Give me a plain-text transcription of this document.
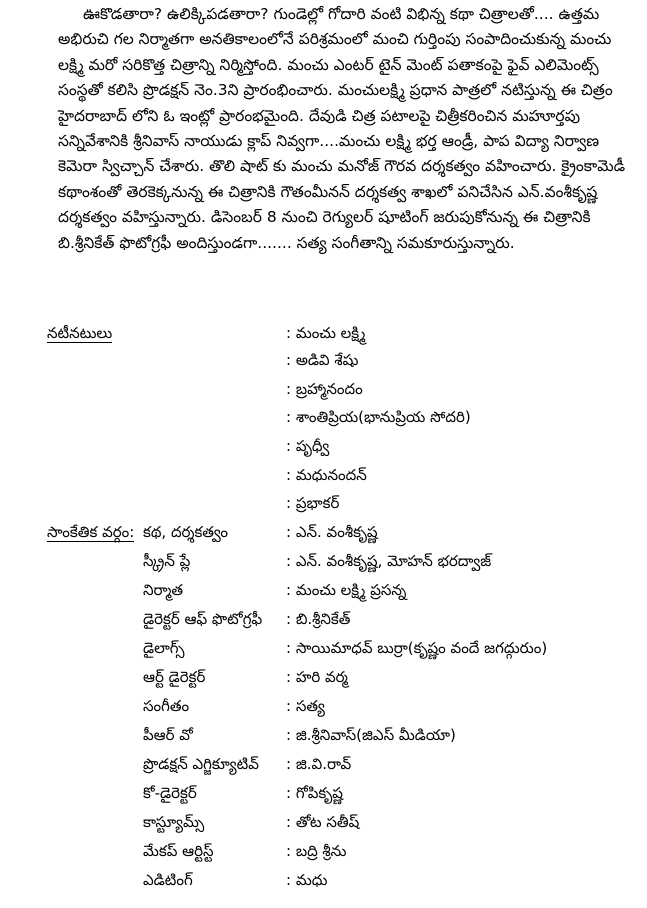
ఊకొడతారా? ఉలిక్కిపడతారా? గుండెల్లో గోదారి వంటి విభిన్న కథా చిత్రాలతో.... ఉత్తమ అభిరుచి గల నిర్మాతగా అనతికాలంలోనే పరిశ్రమంలో మంచి గుర్తింపు సంపాదించుకున్న మంచు లక్ష్మి మరో సరికొత్త చిత్రాన్ని నిర్మిస్తోంది. మంచు ఎంటర్ టైన్ మెంట్ పతాకంపై ఫైవ్ ఎలిమెంట్స్ సంస్థతో కలిసి ప్రొడక్షన్ నెం.3ని ప్రారంభించారు. మంచులక్ష్మి ప్రధాన పాత్రలో నటిస్తున్న ఈ చిత్రం హైదరాబాద్ లోని ఓ ఇంట్లో ప్రారంభమైంది. దేవుడి చిత్ర పటాలపై చిత్రీకరించిన మహూర్తపు సన్నివేశానికి శ్రీనివాస్ నాయుడు క్లాప్ నివ్వగా....మంచు లక్ష్మి భర్త ఆండ్రీ, పాప విద్యా నిర్వాణ కెమెరా స్విచ్చాన్ చేశారు. తొలి షాట్ కు మంచు మనోజ్ గౌరవ దర్శకత్వం వహించారు. క్రైంకామెడీ కథాంశంతో తెరకెక్కనున్న ఈ చిత్రానికి గౌతంమీనన్ దర్శకత్వ శాఖలో పనిచేసిన ఎన్.వంశీకృష్ణ దర్శకత్వం వహిస్తున్నారు. డిసెంబర్ 8 నుంచి రెగ్యులర్ షూటింగ్ జరుపుకోనున్న ఈ చిత్రానికి బి.శ్రీనికేత్ ఫొటోగ్రఫీ అందిస్తుండగా....... సత్య సంగీతాన్ని సమకూరుస్తున్నారు.

నటీనటులు	: మంచు లక్ష్మి
: అడివి శేషు
: బ్రహ్మానందం
: శాంతిప్రియ(భానుప్రియ సోదరి)
: పృధ్వీ
: మధునందన్
: ప్రభాకర్
సాంకేతిక వర్గం: కథ, దర్శకత్వం	: ఎన్. వంశీకృష్ణ
స్క్రీన్ ప్లే	: ఎన్. వంశీకృష్ణ, మోహన్ భరద్వాజ్
నిర్మాత	: మంచు లక్ష్మి ప్రసన్న
డైరెక్టర్ ఆఫ్ ఫొటోగ్రఫీ : బి.శ్రీనికేత్
డైలాగ్స్	: సాయిమాధవ్ బుర్రా(కృష్ణం వందే జగద్గురుం)
ఆర్ట్ డైరెక్టర్	: హరి వర్మ
సంగీతం	: సత్య
పీఆర్ వో	: జి.శ్రీనివాస్(జిఎస్ మీడియా)
ప్రొడక్షన్ ఎగ్జిక్యూటివ్ : జి.వి.రావ్
కో-డైరెక్టర్	: గోపికృష్ణ
కాస్ట్యూమ్స్	: తోట సతీష్
మేకప్ ఆర్టిస్ట్	: బద్రి శ్రీను
ఎడిటింగ్	: మధు
